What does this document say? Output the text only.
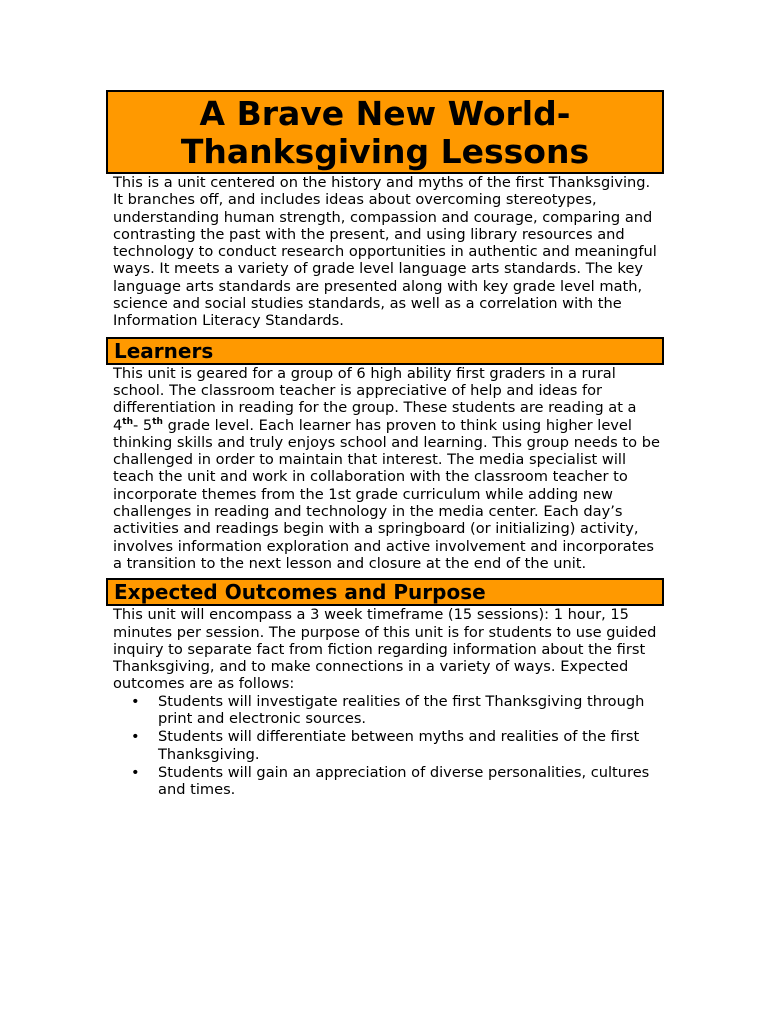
A Brave New World-
Thanksgiving Lessons

This is a unit centered on the history and myths of the first Thanksgiving. It branches off, and includes ideas about overcoming stereotypes, understanding human strength, compassion and courage, comparing and contrasting the past with the present, and using library resources and technology to conduct research opportunities in authentic and meaningful ways. It meets a variety of grade level language arts standards. The key language arts standards are presented along with key grade level math, science and social studies standards, as well as a correlation with the Information Literacy Standards.

Learners

This unit is geared for a group of 6 high ability first graders in a rural school. The classroom teacher is appreciative of help and ideas for differentiation in reading for the group. These students are reading at a 4th- 5th grade level. Each learner has proven to think using higher level thinking skills and truly enjoys school and learning. This group needs to be challenged in order to maintain that interest. The media specialist will teach the unit and work in collaboration with the classroom teacher to incorporate themes from the 1st grade curriculum while adding new challenges in reading and technology in the media center. Each day’s activities and readings begin with a springboard (or initializing) activity, involves information exploration and active involvement and incorporates a transition to the next lesson and closure at the end of the unit.

Expected Outcomes and Purpose

This unit will encompass a 3 week timeframe (15 sessions): 1 hour, 15 minutes per session. The purpose of this unit is for students to use guided inquiry to separate fact from fiction regarding information about the first Thanksgiving, and to make connections in a variety of ways. Expected outcomes are as follows:

• Students will investigate realities of the first Thanksgiving through print and electronic sources.
• Students will differentiate between myths and realities of the first Thanksgiving.
• Students will gain an appreciation of diverse personalities, cultures and times.
